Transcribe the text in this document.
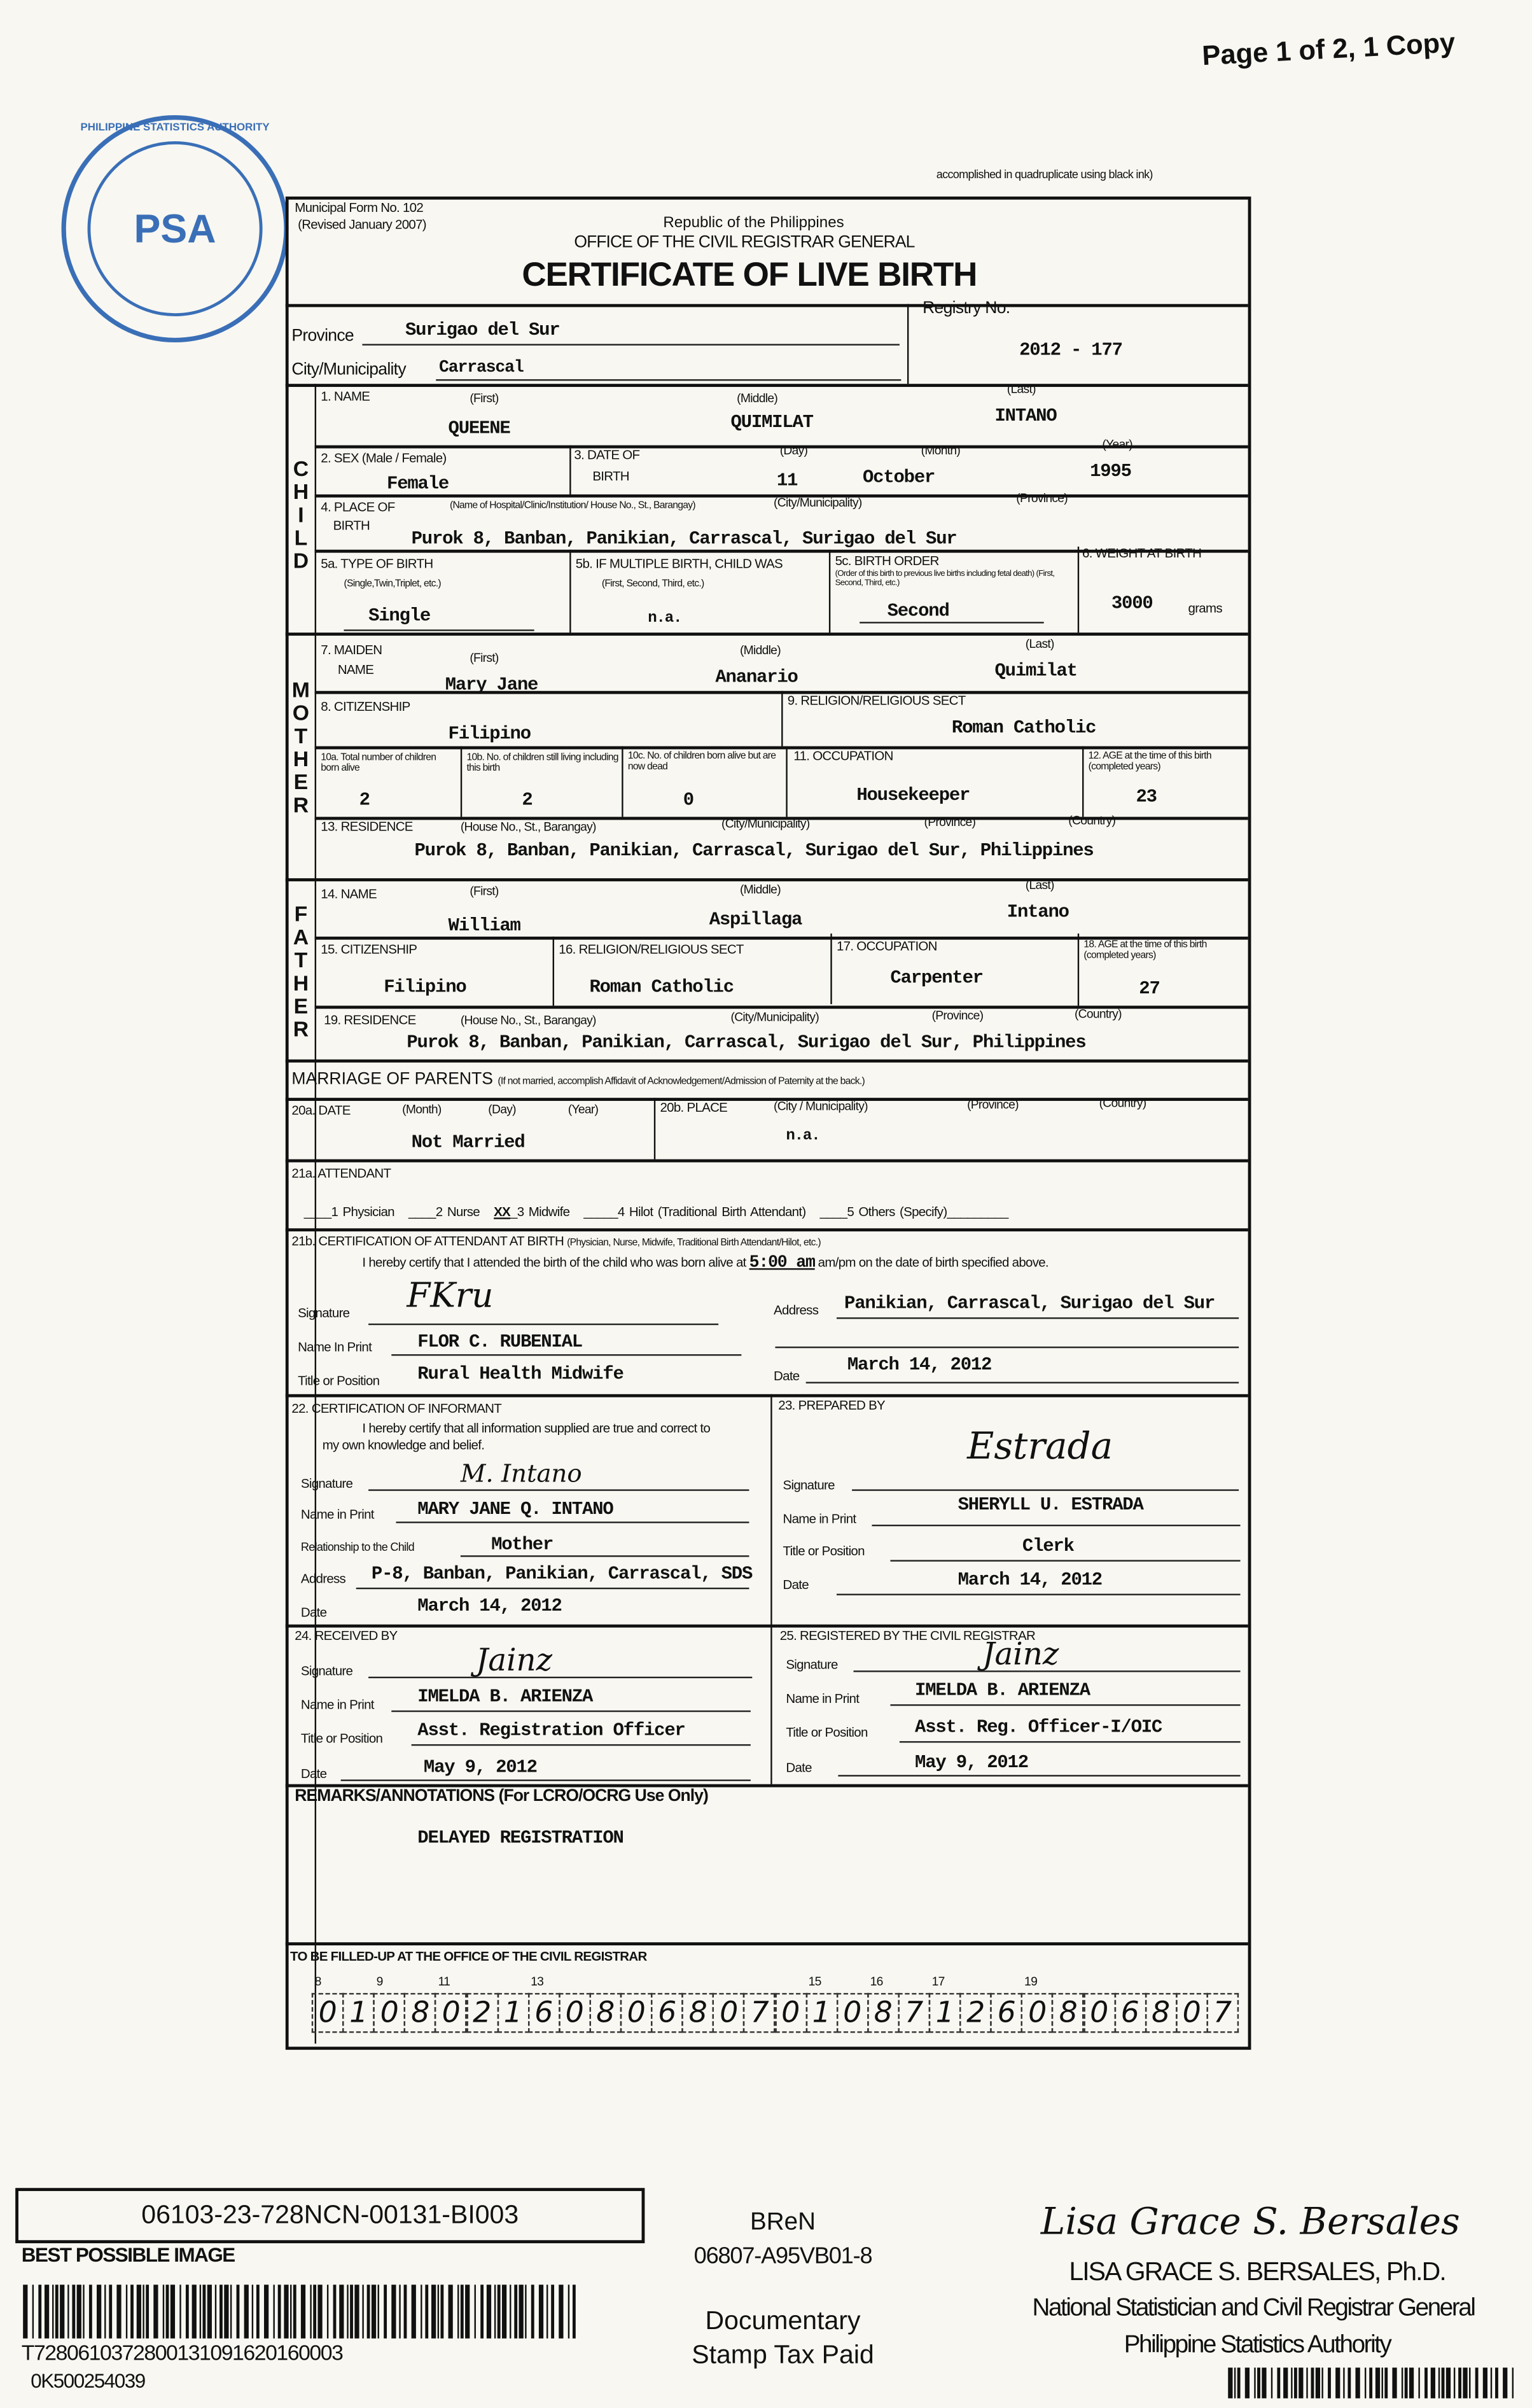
Page 1 of 2, 1 Copy
PSA
PHILIPPINE STATISTICS AUTHORITY
accomplished in quadruplicate using black ink)
Municipal Form No. 102
(Revised January 2007)	Republic of the Philippines
OFFICE OF THE CIVIL REGISTRAR GENERAL
CERTIFICATE OF LIVE BIRTH
Province	Surigao del Sur
City/Municipality	Carrascal
Registry No.
2012 - 177
C
H
I
L
D
1. NAME	(First)	(Middle)
(Last)
QUEENE	QUIMILAT	INTANO
2. SEX (Male / Female)
Female
3. DATE OF
BIRTH
(Day)	(Month)	(Year)
11	October	1995
4. PLACE OF
BIRTH
(Name of Hospital/Clinic/Institution/ House No., St., Barangay)	(City/Municipality)	(Province)
Purok 8, Banban, Panikian, Carrascal, Surigao del Sur
5a. TYPE OF BIRTH
(Single,Twin,Triplet, etc.)
Single
5b. IF MULTIPLE BIRTH, CHILD WAS
(First, Second, Third, etc.)
n.a.
5c. BIRTH ORDER
(Order of this birth to previous live births including fetal death) (First, Second, Third, etc.)
Second
6. WEIGHT AT BIRTH
3000	grams
M
O
T
H
E
R
7. MAIDEN
NAME
(First)
(Middle)	(Last)
Mary Jane	Ananario	Quimilat
8. CITIZENSHIP
Filipino
9. RELIGION/RELIGIOUS SECT
Roman Catholic
10a. Total number of children born alive
2
10b. No. of children still living including this birth
2
10c. No. of children born alive but are now dead
0
11. OCCUPATION
Housekeeper
12. AGE at the time of this birth (completed years)
23
13. RESIDENCE	(House No., St., Barangay)	(City/Municipality)	(Province)	(Country)
Purok 8, Banban, Panikian, Carrascal, Surigao del Sur, Philippines
F
A
T
H
E
R
14. NAME	(First)	(Middle)	(Last)
William	Aspillaga	Intano
15. CITIZENSHIP
Filipino
16. RELIGION/RELIGIOUS SECT
Roman Catholic
17. OCCUPATION
Carpenter
18. AGE at the time of this birth (completed years)
27
19. RESIDENCE	(House No., St., Barangay)	(City/Municipality)	(Province)	(Country)
Purok 8, Banban, Panikian, Carrascal, Surigao del Sur, Philippines
MARRIAGE OF PARENTS (If not married, accomplish Affidavit of Acknowledgement/Admission of Paternity at the back.)
20a. DATE	(Month)	(Day)	(Year)
Not Married
20b. PLACE	(City / Municipality)	(Province)	(Country)
n.a.
21a. ATTENDANT
____1 Physician	____2 Nurse	XX_3 Midwife	_____4 Hilot (Traditional Birth Attendant)	____5 Others (Specify)_________
21b. CERTIFICATION OF ATTENDANT AT BIRTH (Physician, Nurse, Midwife, Traditional Birth Attendant/Hilot, etc.)
I hereby certify that I attended the birth of the child who was born alive at 5:00 am am/pm on the date of birth specified above.
Signature	FKru
Name In Print	FLOR C. RUBENIAL
Title or Position	Rural Health Midwife
Address	Panikian, Carrascal, Surigao del Sur
Date	March 14, 2012
22. CERTIFICATION OF INFORMANT
I hereby certify that all information supplied are true and correct to my own knowledge and belief.
Signature	M. Intano
Name in Print	MARY JANE Q. INTANO
Relationship to the Child	Mother
Address	P-8, Banban, Panikian, Carrascal, SDS
Date	March 14, 2012
23. PREPARED BY
Signature
Estrada
Name in Print
SHERYLL U. ESTRADA
Title or Position	Clerk
Date	March 14, 2012
24. RECEIVED BY
Signature	Jainz
Name in Print	IMELDA B. ARIENZA
Title or Position	Asst. Registration Officer
Date	May 9, 2012
25. REGISTERED BY THE CIVIL REGISTRAR
Signature	Jainz
Name in Print	IMELDA B. ARIENZA
Title or Position	Asst. Reg. Officer-I/OIC
Date	May 9, 2012
REMARKS/ANNOTATIONS (For LCRO/OCRG Use Only)
DELAYED REGISTRATION
TO BE FILLED-UP AT THE OFFICE OF THE CIVIL REGISTRAR
06103-23-728NCN-00131-BI003
BEST POSSIBLE IMAGE
T7280610372800131091620160003
0K500254039
BReN
06807-A95VB01-8
Documentary
Stamp Tax Paid
Lisa Grace S. Bersales
LISA GRACE S. BERSALES, Ph.D.
National Statistician and Civil Registrar General
Philippine Statistics Authority
0	1	0	8	0	2	1	6	0	8	0	6	8	0	7	0	1	0	8	7	1	2	6	0	8	0	6	8	0	7
8	9	11	13	15	16	17	19
